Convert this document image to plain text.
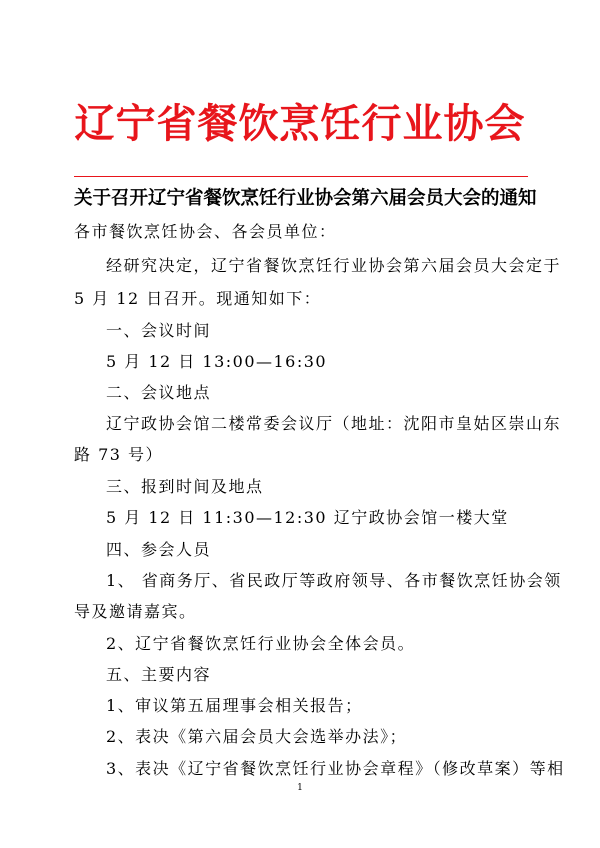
辽宁省餐饮烹饪行业协会
关于召开辽宁省餐饮烹饪行业协会第六届会员大会的通知
各市餐饮烹饪协会、各会员单位：
经研究决定，辽宁省餐饮烹饪行业协会第六届会员大会定于
5 月 12 日召开。现通知如下：
一、会议时间
5 月 12 日 13:00—16:30
二、会议地点
辽宁政协会馆二楼常委会议厅（地址：沈阳市皇姑区崇山东
路 73 号）
三、报到时间及地点
5 月 12 日 11:30—12:30 辽宁政协会馆一楼大堂
四、参会人员
1、 省商务厅、省民政厅等政府领导、各市餐饮烹饪协会领
导及邀请嘉宾。
2、辽宁省餐饮烹饪行业协会全体会员。
五、主要内容
1、审议第五届理事会相关报告；
2、表决《第六届会员大会选举办法》；
3、表决《辽宁省餐饮烹饪行业协会章程》（修改草案）等相
1
